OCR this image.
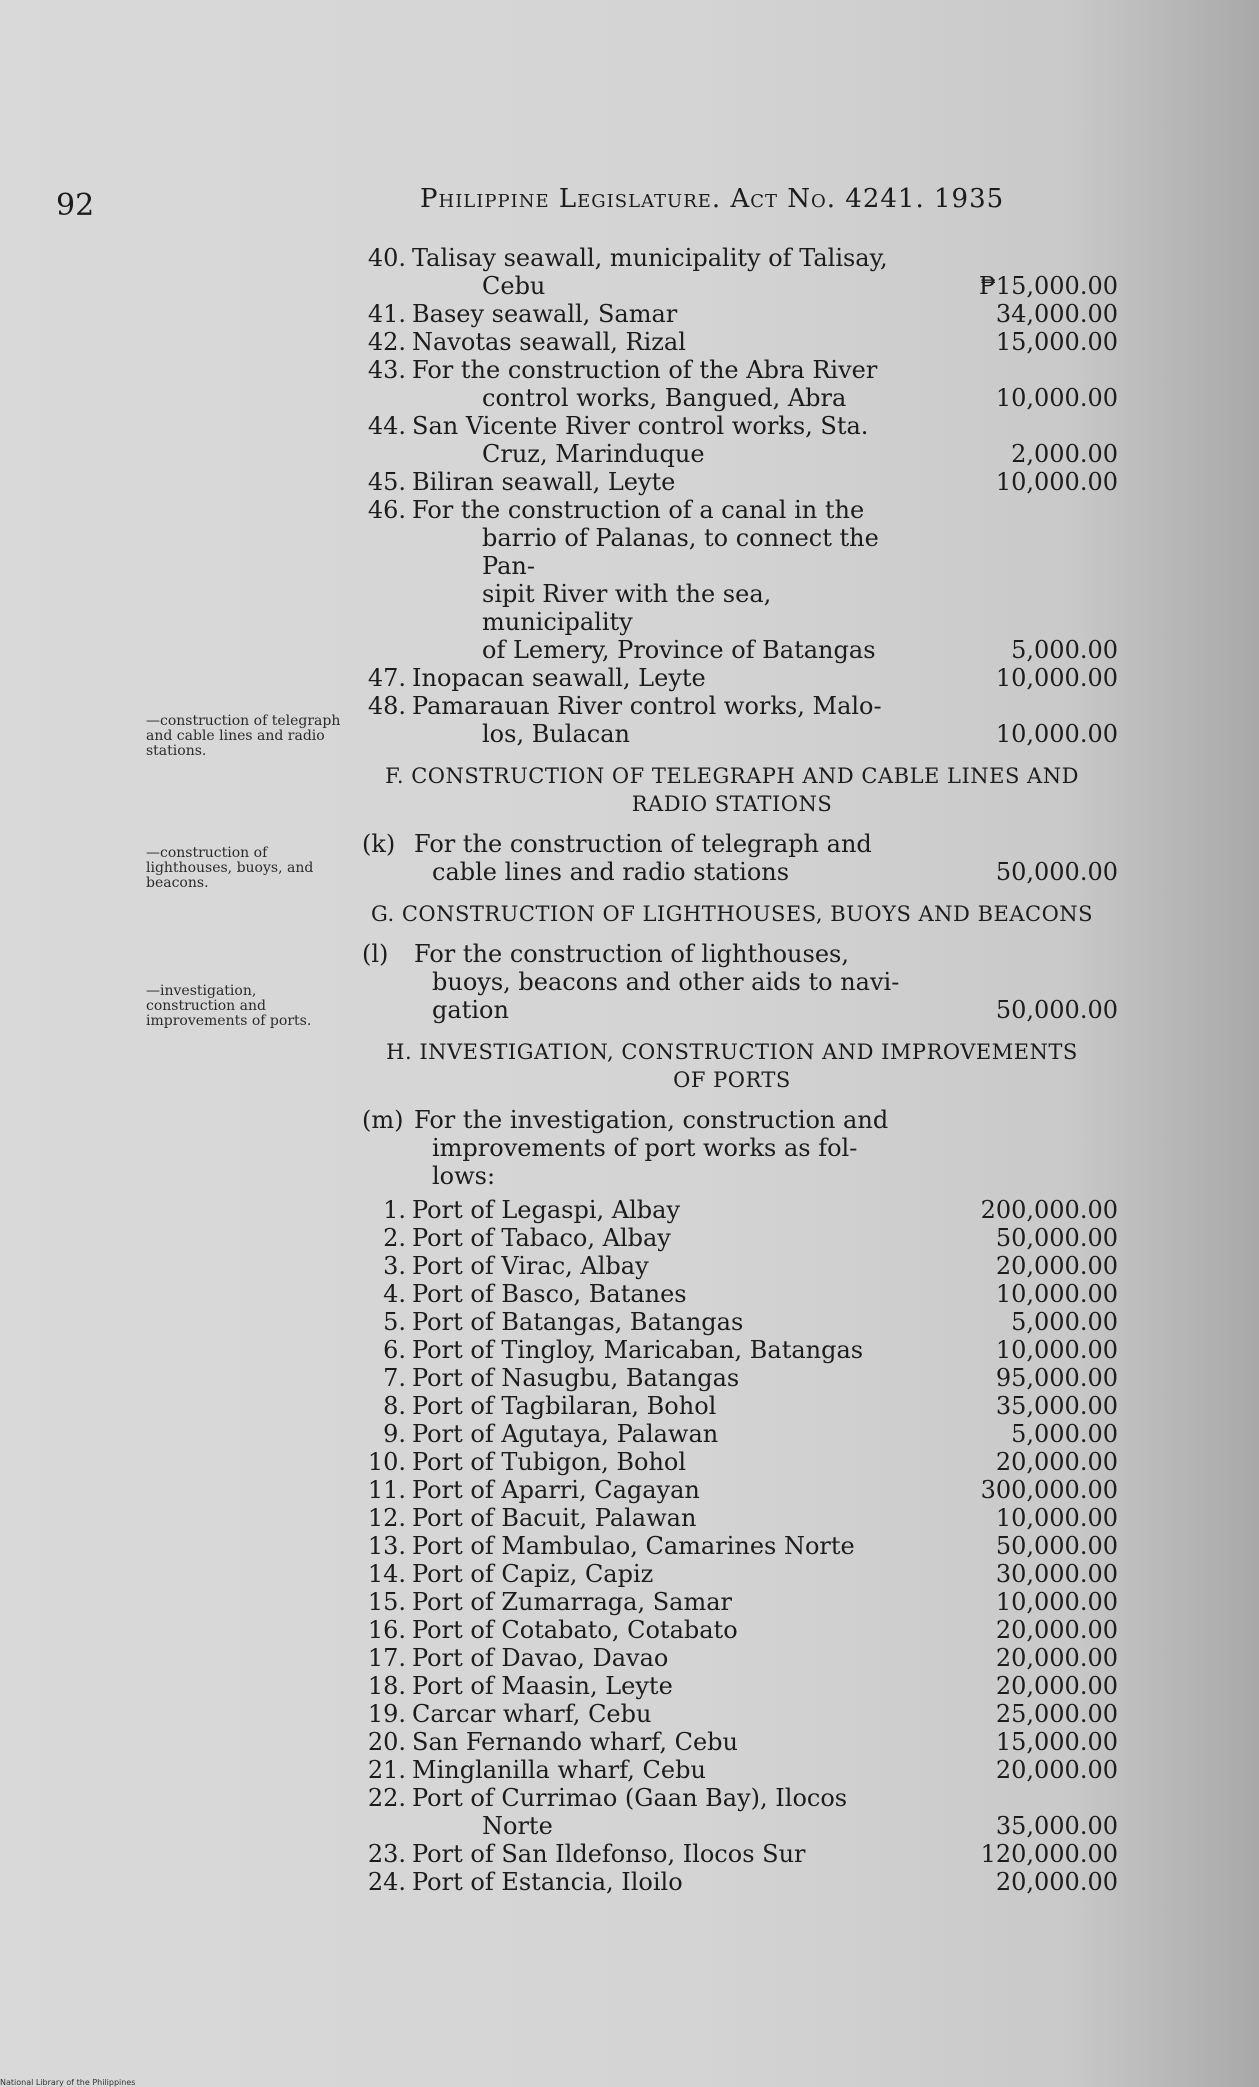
92	Philippine Legislature. Act No. 4241. 1935
—construction of telegraph and cable lines and radio stations.
—construction of lighthouses, buoys, and beacons.
—investigation, construction and improvements of ports.
40. Talisay seawall, municipality of Talisay,
Cebu	₱15,000.00
41. Basey seawall, Samar	34,000.00
42. Navotas seawall, Rizal	15,000.00
43. For the construction of the Abra River
control works, Bangued, Abra	10,000.00
44. San Vicente River control works, Sta.
Cruz, Marinduque	2,000.00
45. Biliran seawall, Leyte	10,000.00
46. For the construction of a canal in the
barrio of Palanas, to connect the Pan-
sipit River with the sea, municipality
of Lemery, Province of Batangas	5,000.00
47. Inopacan seawall, Leyte	10,000.00
48. Pamarauan River control works, Malo-
los, Bulacan	10,000.00
F. CONSTRUCTION OF TELEGRAPH AND CABLE LINES AND
RADIO STATIONS
(k) For the construction of telegraph and
cable lines and radio stations	50,000.00
G. CONSTRUCTION OF LIGHTHOUSES, BUOYS AND BEACONS
(l) For the construction of lighthouses,
buoys, beacons and other aids to navi-
gation	50,000.00
H. INVESTIGATION, CONSTRUCTION AND IMPROVEMENTS
OF PORTS
(m) For the investigation, construction and
improvements of port works as fol-
lows:
1. Port of Legaspi, Albay	200,000.00
2. Port of Tabaco, Albay	50,000.00
3. Port of Virac, Albay	20,000.00
4. Port of Basco, Batanes	10,000.00
5. Port of Batangas, Batangas	5,000.00
6. Port of Tingloy, Maricaban, Batangas	10,000.00
7. Port of Nasugbu, Batangas	95,000.00
8. Port of Tagbilaran, Bohol	35,000.00
9. Port of Agutaya, Palawan	5,000.00
10. Port of Tubigon, Bohol	20,000.00
11. Port of Aparri, Cagayan	300,000.00
12. Port of Bacuit, Palawan	10,000.00
13. Port of Mambulao, Camarines Norte	50,000.00
14. Port of Capiz, Capiz	30,000.00
15. Port of Zumarraga, Samar	10,000.00
16. Port of Cotabato, Cotabato	20,000.00
17. Port of Davao, Davao	20,000.00
18. Port of Maasin, Leyte	20,000.00
19. Carcar wharf, Cebu	25,000.00
20. San Fernando wharf, Cebu	15,000.00
21. Minglanilla wharf, Cebu	20,000.00
22. Port of Currimao (Gaan Bay), Ilocos
Norte	35,000.00
23. Port of San Ildefonso, Ilocos Sur	120,000.00
24. Port of Estancia, Iloilo	20,000.00
National Library of the Philippines
